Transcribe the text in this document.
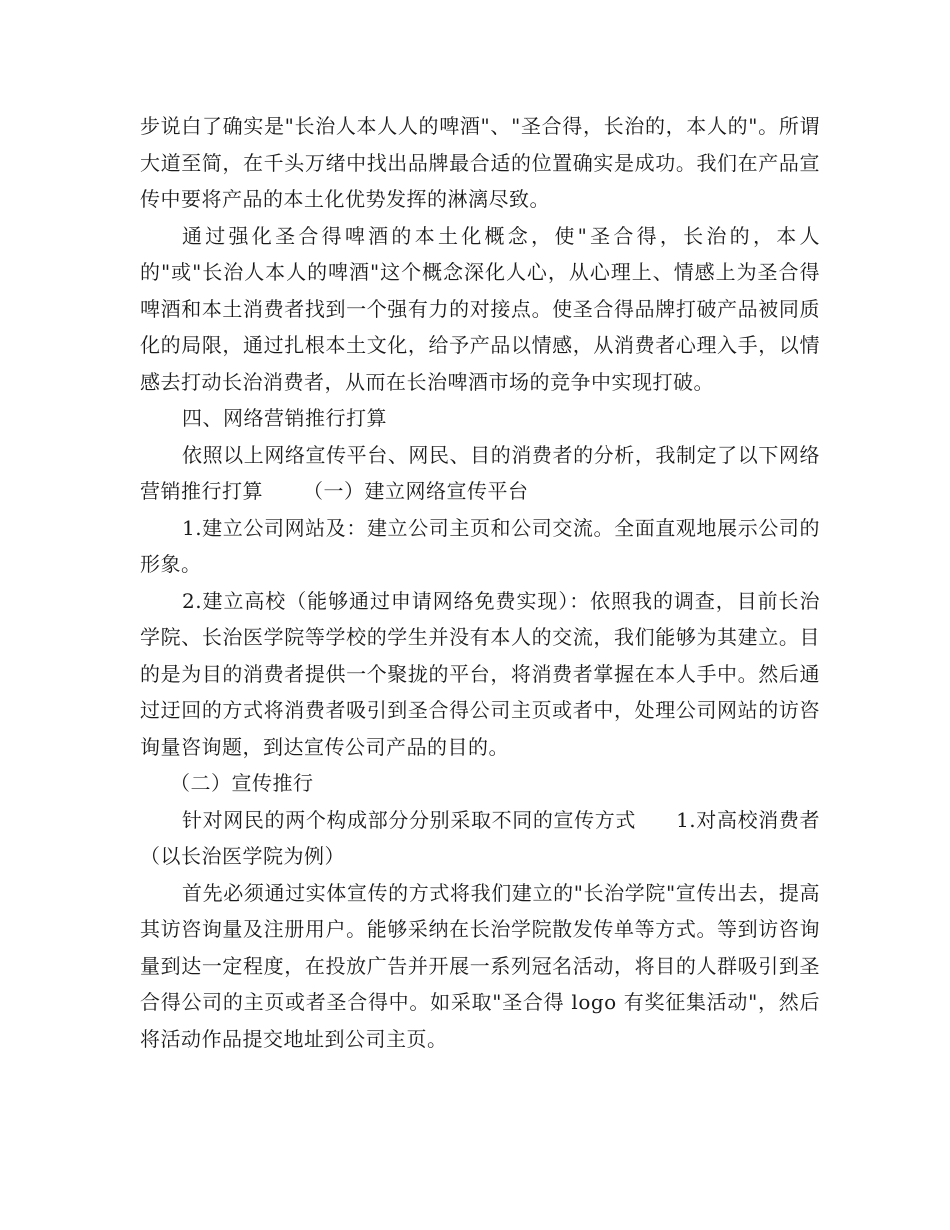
步说白了确实是"长治人本人人的啤酒"、"圣合得，长治的，本人的"。所谓大道至简，在千头万绪中找出品牌最合适的位置确实是成功。我们在产品宣传中要将产品的本土化优势发挥的淋漓尽致。

通过强化圣合得啤酒的本土化概念，使"圣合得，长治的，本人的"或"长治人本人的啤酒"这个概念深化人心，从心理上、情感上为圣合得啤酒和本土消费者找到一个强有力的对接点。使圣合得品牌打破产品被同质化的局限，通过扎根本土文化，给予产品以情感，从消费者心理入手，以情感去打动长治消费者，从而在长治啤酒市场的竞争中实现打破。

四、网络营销推行打算

依照以上网络宣传平台、网民、目的消费者的分析，我制定了以下网络营销推行打算 （一）建立网络宣传平台

1.建立公司网站及：建立公司主页和公司交流。全面直观地展示公司的形象。

2.建立高校（能够通过申请网络免费实现）：依照我的调查，目前长治学院、长治医学院等学校的学生并没有本人的交流，我们能够为其建立。目的是为目的消费者提供一个聚拢的平台，将消费者掌握在本人手中。然后通过迂回的方式将消费者吸引到圣合得公司主页或者中，处理公司网站的访咨询量咨询题，到达宣传公司产品的目的。

（二）宣传推行

针对网民的两个构成部分分别采取不同的宣传方式 1.对高校消费者（以长治医学院为例）

首先必须通过实体宣传的方式将我们建立的"长治学院"宣传出去，提高其访咨询量及注册用户。能够采纳在长治学院散发传单等方式。等到访咨询量到达一定程度，在投放广告并开展一系列冠名活动，将目的人群吸引到圣合得公司的主页或者圣合得中。如采取"圣合得 logo 有奖征集活动"，然后将活动作品提交地址到公司主页。
